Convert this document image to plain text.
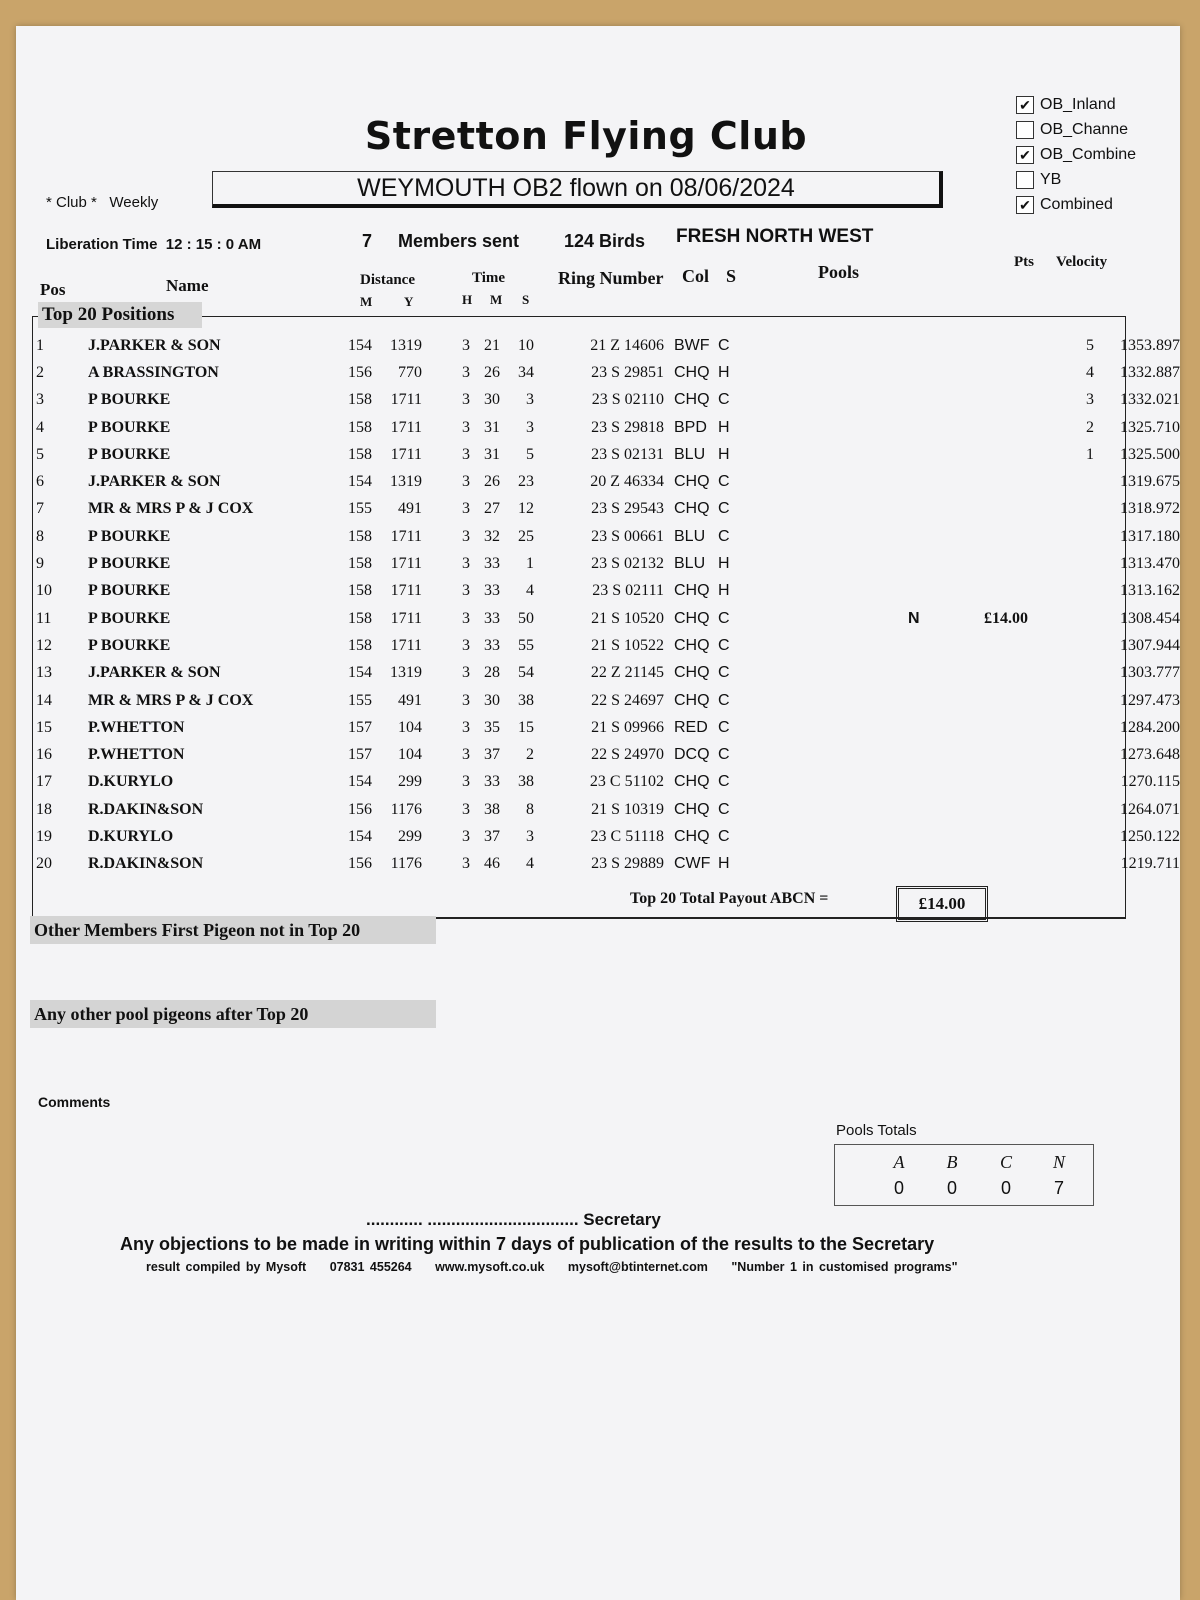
Stretton Flying Club
* Club * Weekly
WEYMOUTH OB2 flown on 08/06/2024
✔ OB_Inland
OB_Channe
✔ OB_Combine
YB
✔ Combined
Liberation Time 12 : 15 : 0 AM	7 Members sent 124 Birds FRESH NORTH WEST
Pos	Name	Distance
M Y
Time
H M S
Ring Number Col S	Pools	Pts Velocity
Top 20 Positions
1	J.PARKER & SON	154	1319	3	21	10	21 Z 14606	BWF	C			5	1353.897
2	A BRASSINGTON	156	770	3	26	34	23 S 29851	CHQ	H			4	1332.887
3	P BOURKE	158	1711	3	30	3	23 S 02110	CHQ	C			3	1332.021
4	P BOURKE	158	1711	3	31	3	23 S 29818	BPD	H			2	1325.710
5	P BOURKE	158	1711	3	31	5	23 S 02131	BLU	H			1	1325.500
6	J.PARKER & SON	154	1319	3	26	23	20 Z 46334	CHQ	C				1319.675
7	MR & MRS P & J COX	155	491	3	27	12	23 S 29543	CHQ	C				1318.972
8	P BOURKE	158	1711	3	32	25	23 S 00661	BLU	C				1317.180
9	P BOURKE	158	1711	3	33	1	23 S 02132	BLU	H				1313.470
10	P BOURKE	158	1711	3	33	4	23 S 02111	CHQ	H				1313.162
11	P BOURKE	158	1711	3	33	50	21 S 10520	CHQ	C	N	£14.00		1308.454
12	P BOURKE	158	1711	3	33	55	21 S 10522	CHQ	C				1307.944
13	J.PARKER & SON	154	1319	3	28	54	22 Z 21145	CHQ	C				1303.777
14	MR & MRS P & J COX	155	491	3	30	38	22 S 24697	CHQ	C				1297.473
15	P.WHETTON	157	104	3	35	15	21 S 09966	RED	C				1284.200
16	P.WHETTON	157	104	3	37	2	22 S 24970	DCQ	C				1273.648
17	D.KURYLO	154	299	3	33	38	23 C 51102	CHQ	C				1270.115
18	R.DAKIN&SON	156	1176	3	38	8	21 S 10319	CHQ	C				1264.071
19	D.KURYLO	154	299	3	37	3	23 C 51118	CHQ	C				1250.122
20	R.DAKIN&SON	156	1176	3	46	4	23 S 29889	CWF	H				1219.711
Top 20 Total Payout ABCN =	£14.00
Other Members First Pigeon not in Top 20
Any other pool pigeons after Top 20
Comments
Pools Totals
A	B	C	N
0	0	0	7
............ ................................ Secretary
Any objections to be made in writing within 7 days of publication of the results to the Secretary
result compiled by Mysoft 07831 455264 www.mysoft.co.uk mysoft@btinternet.com "Number 1 in customised programs"
